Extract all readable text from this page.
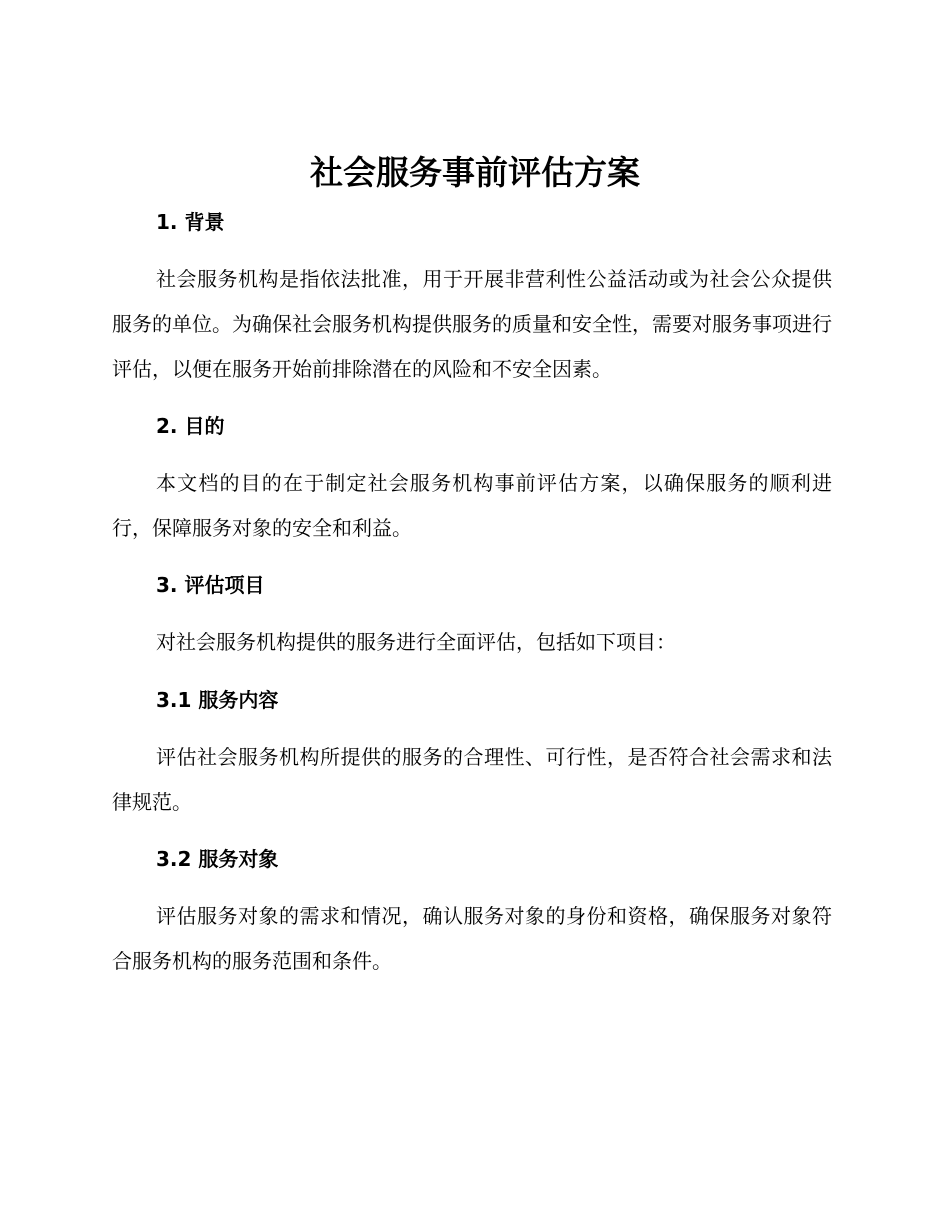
社会服务事前评估方案
1. 背景

社会服务机构是指依法批准，用于开展非营利性公益活动或为社会公众提供服务的单位。为确保社会服务机构提供服务的质量和安全性，需要对服务事项进行评估，以便在服务开始前排除潜在的风险和不安全因素。

2. 目的

本文档的目的在于制定社会服务机构事前评估方案，以确保服务的顺利进行，保障服务对象的安全和利益。

3. 评估项目

对社会服务机构提供的服务进行全面评估，包括如下项目：

3.1 服务内容

评估社会服务机构所提供的服务的合理性、可行性，是否符合社会需求和法律规范。

3.2 服务对象

评估服务对象的需求和情况，确认服务对象的身份和资格，确保服务对象符合服务机构的服务范围和条件。
